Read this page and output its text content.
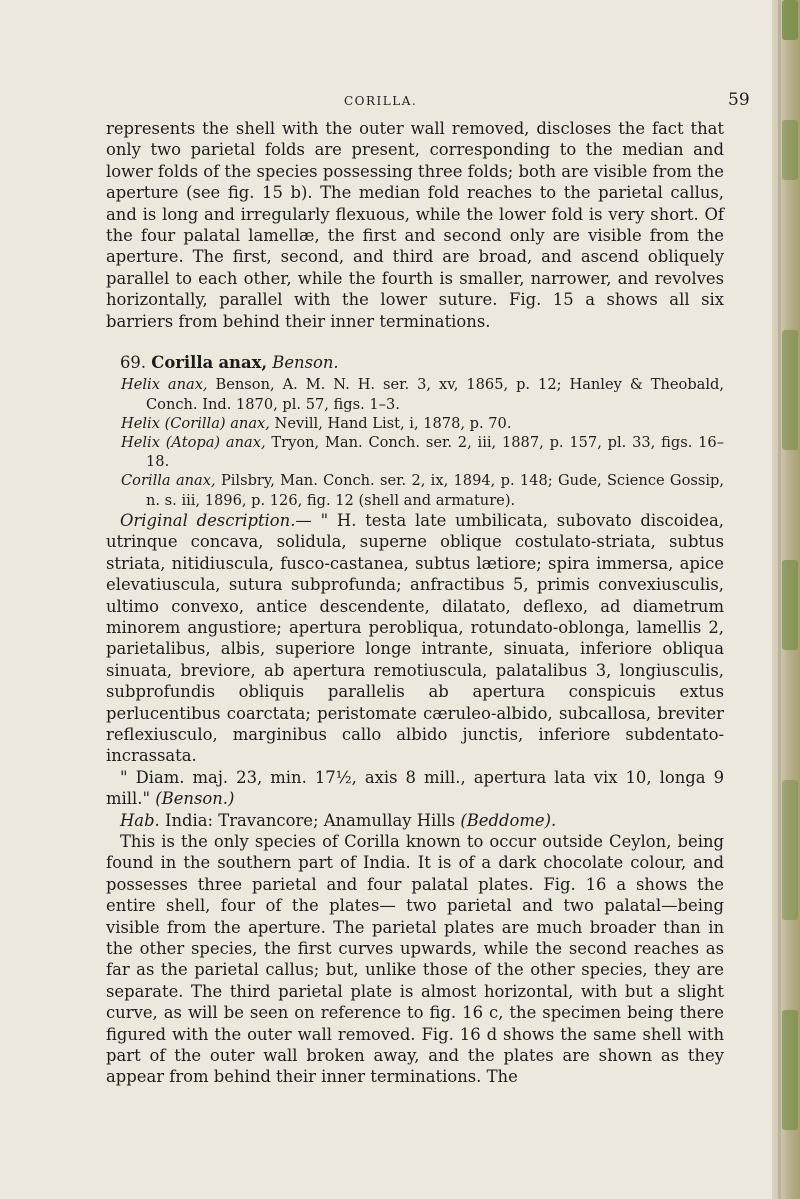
CORILLA.	59

represents the shell with the outer wall removed, discloses the fact that only two parietal folds are present, corresponding to the median and lower folds of the species possessing three folds; both are visible from the aperture (see fig. 15 b). The median fold reaches to the parietal callus, and is long and irregularly flexuous, while the lower fold is very short. Of the four palatal lamellæ, the first and second only are visible from the aperture. The first, second, and third are broad, and ascend obliquely parallel to each other, while the fourth is smaller, narrower, and revolves horizontally, parallel with the lower suture. Fig. 15 a shows all six barriers from behind their inner terminations.

69. Corilla anax, Benson.

Helix anax, Benson, A. M. N. H. ser. 3, xv, 1865, p. 12; Hanley & Theobald, Conch. Ind. 1870, pl. 57, figs. 1–3.

Helix (Corilla) anax, Nevill, Hand List, i, 1878, p. 70.

Helix (Atopa) anax, Tryon, Man. Conch. ser. 2, iii, 1887, p. 157, pl. 33, figs. 16–18.

Corilla anax, Pilsbry, Man. Conch. ser. 2, ix, 1894, p. 148; Gude, Science Gossip, n. s. iii, 1896, p. 126, fig. 12 (shell and armature).

Original description.— " H. testa late umbilicata, subovato discoidea, utrinque concava, solidula, superne oblique costulato-striata, subtus striata, nitidiuscula, fusco-castanea, subtus lætiore; spira immersa, apice elevatiuscula, sutura subprofunda; anfractibus 5, primis convexiusculis, ultimo convexo, antice descendente, dilatato, deflexo, ad diametrum minorem angustiore; apertura perobliqua, rotundato-oblonga, lamellis 2, parietalibus, albis, superiore longe intrante, sinuata, inferiore obliqua sinuata, breviore, ab apertura remotiuscula, palatalibus 3, longiusculis, subprofundis obliquis parallelis ab apertura conspicuis extus perlucentibus coarctata; peristomate cæruleo-albido, subcallosa, breviter reflexiusculo, marginibus callo albido junctis, inferiore subdentato-incrassata.

" Diam. maj. 23, min. 17½, axis 8 mill., apertura lata vix 10, longa 9 mill." (Benson.)

Hab. India: Travancore; Anamullay Hills (Beddome).

This is the only species of Corilla known to occur outside Ceylon, being found in the southern part of India. It is of a dark chocolate colour, and possesses three parietal and four palatal plates. Fig. 16 a shows the entire shell, four of the plates— two parietal and two palatal—being visible from the aperture. The parietal plates are much broader than in the other species, the first curves upwards, while the second reaches as far as the parietal callus; but, unlike those of the other species, they are separate. The third parietal plate is almost horizontal, with but a slight curve, as will be seen on reference to fig. 16 c, the specimen being there figured with the outer wall removed. Fig. 16 d shows the same shell with part of the outer wall broken away, and the plates are shown as they appear from behind their inner terminations. The
